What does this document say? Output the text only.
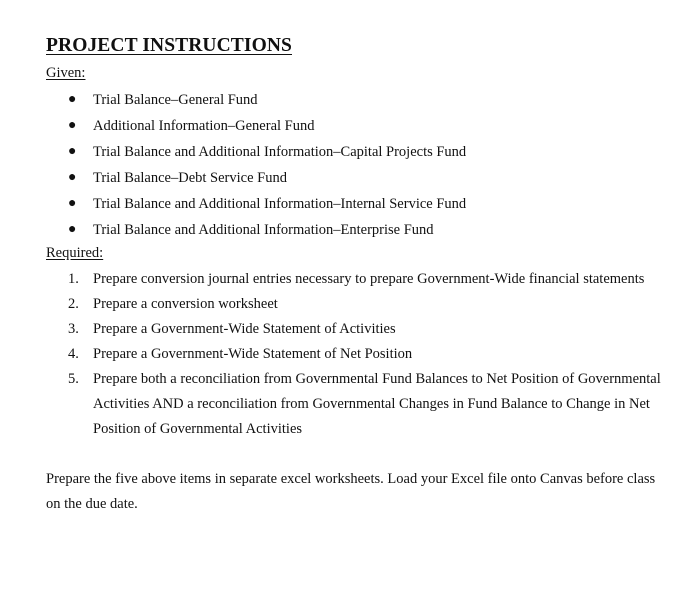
PROJECT INSTRUCTIONS
Given:
● Trial Balance–General Fund
● Additional Information–General Fund
● Trial Balance and Additional Information–Capital Projects Fund
● Trial Balance–Debt Service Fund
● Trial Balance and Additional Information–Internal Service Fund
● Trial Balance and Additional Information–Enterprise Fund
Required:
1. Prepare conversion journal entries necessary to prepare Government-Wide financial statements
2. Prepare a conversion worksheet
3. Prepare a Government-Wide Statement of Activities
4. Prepare a Government-Wide Statement of Net Position
5. Prepare both a reconciliation from Governmental Fund Balances to Net Position of Governmental Activities AND a reconciliation from Governmental Changes in Fund Balance to Change in Net Position of Governmental Activities

Prepare the five above items in separate excel worksheets. Load your Excel file onto Canvas before class on the due date.
